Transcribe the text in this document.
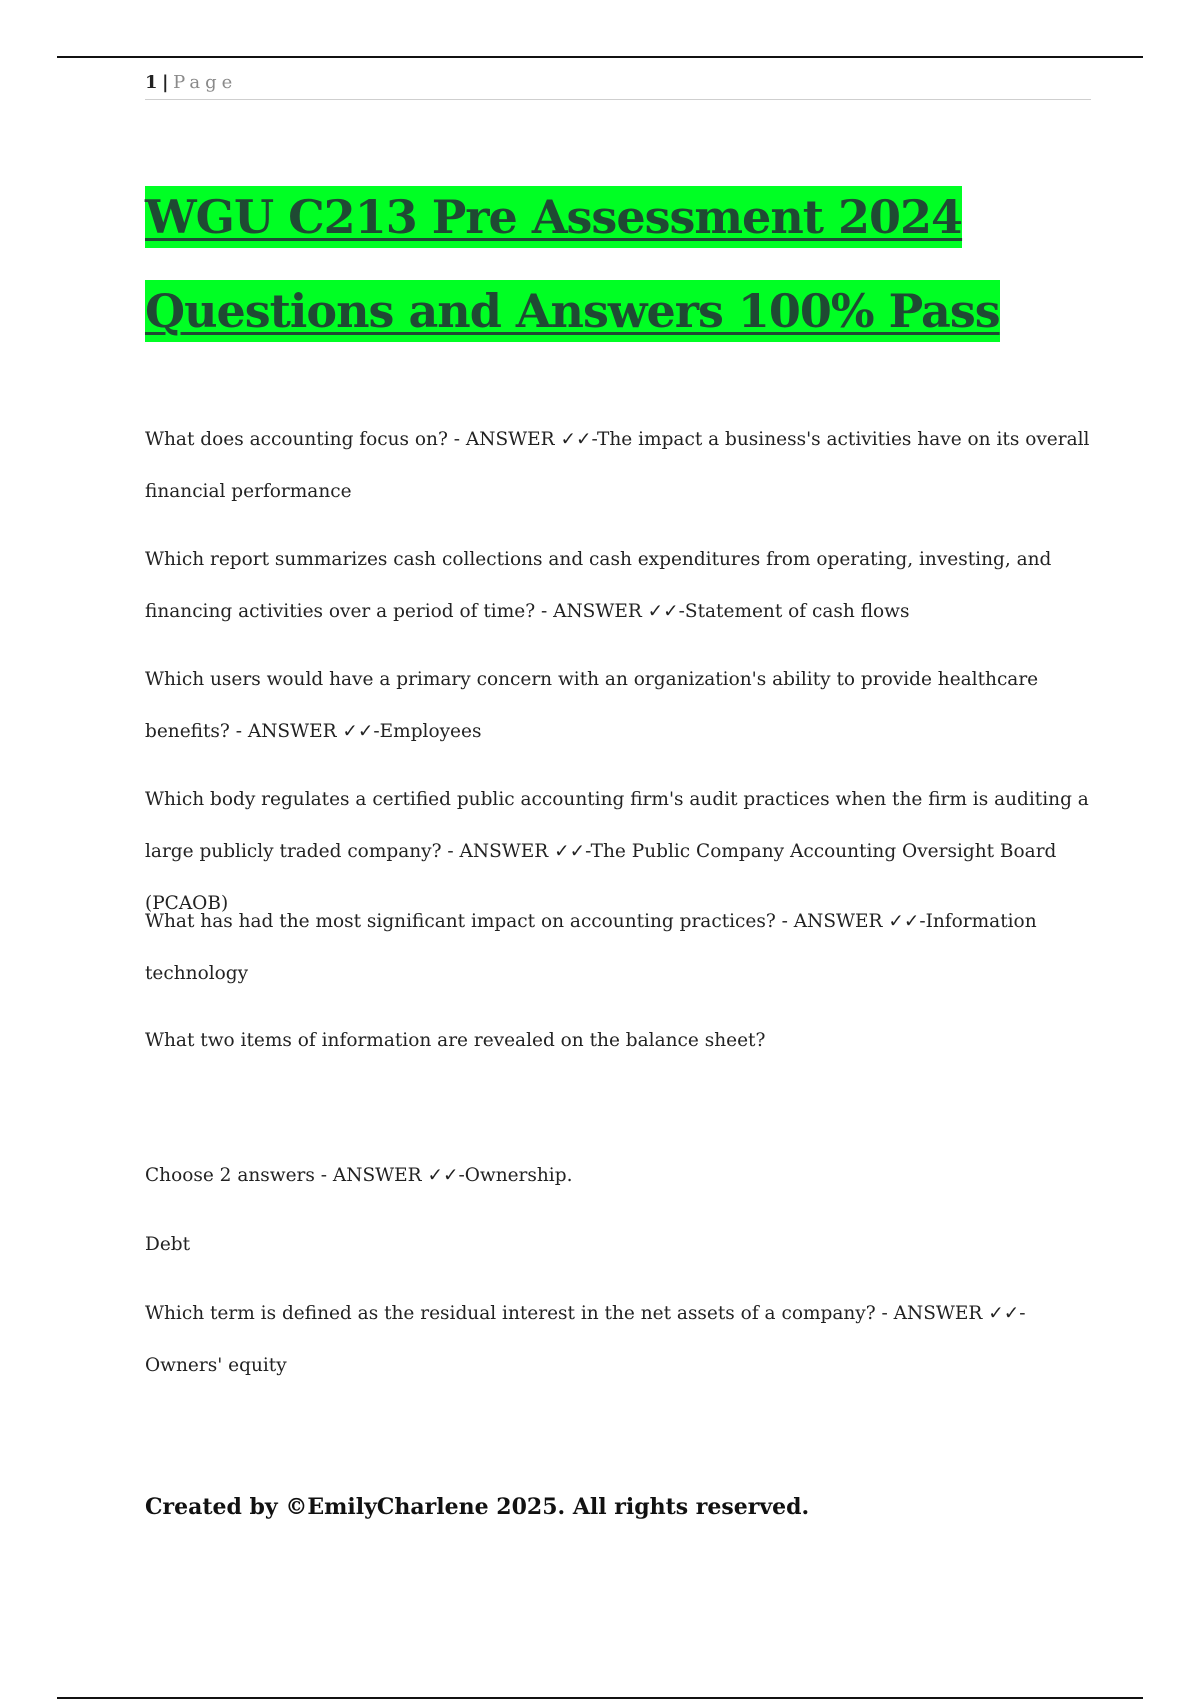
1 | Page
WGU C213 Pre Assessment 2024
Questions and Answers 100% Pass

What does accounting focus on? - ANSWER ✓✓-The impact a business's activities have on its overall financial performance

Which report summarizes cash collections and cash expenditures from operating, investing, and financing activities over a period of time? - ANSWER ✓✓-Statement of cash flows

Which users would have a primary concern with an organization's ability to provide healthcare benefits? - ANSWER ✓✓-Employees

Which body regulates a certified public accounting firm's audit practices when the firm is auditing a large publicly traded company? - ANSWER ✓✓-The Public Company Accounting Oversight Board (PCAOB)

What has had the most significant impact on accounting practices? - ANSWER ✓✓-Information technology

What two items of information are revealed on the balance sheet?

Choose 2 answers - ANSWER ✓✓-Ownership.

Debt

Which term is defined as the residual interest in the net assets of a company? - ANSWER ✓✓-Owners' equity

Created by ©EmilyCharlene 2025. All rights reserved.
